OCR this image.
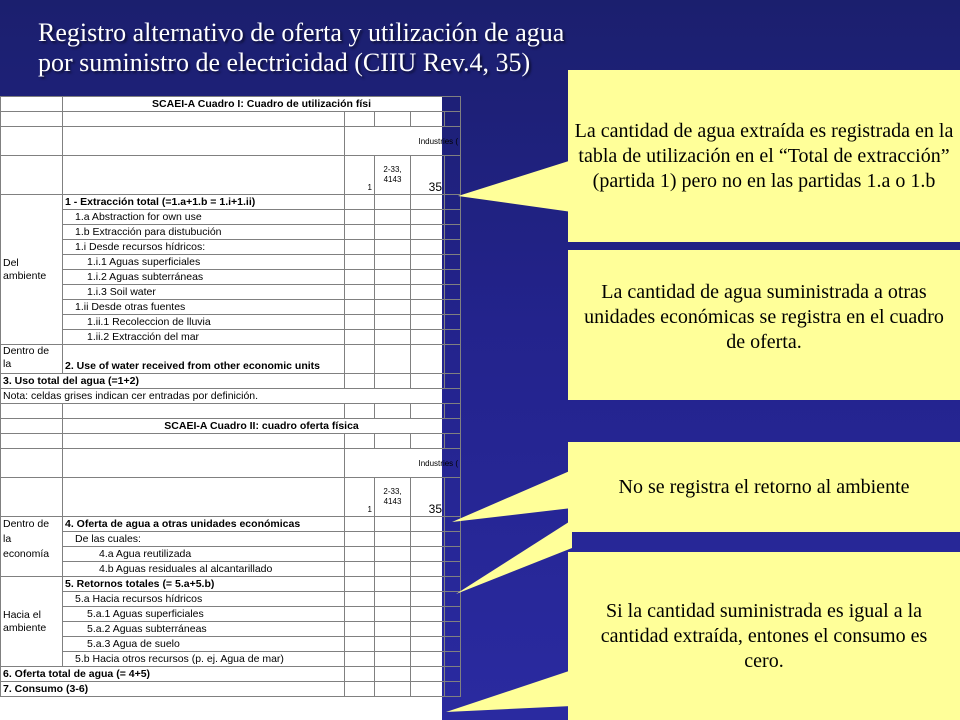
Registro alternativo de oferta y utilización de agua
por suministro de electricidad (CIIU Rev.4, 35)
	SCAEI-A Cuadro I: Cuadro de utilización físi				

		Industries (			
		1	2-33, 4143	35	
Del ambiente	1 - Extracción total (=1.a+1.b = 1.i+1.ii)				
	1.a Abstraction for own use				
	1.b Extracción para distubución				
	1.i Desde recursos hídricos:				
	1.i.1 Aguas superficiales				
	1.i.2 Aguas subterráneas				
	1.i.3 Soil water				
	1.ii Desde otras fuentes				
	1.ii.1 Recoleccion de lluvia				
	1.ii.2 Extracción del mar				
Dentro de la	2. Use of water received from other economic units				
3. Uso total del agua (=1+2)					
Nota: celdas grises indican cer entradas por definición.					

	SCAEI-A Cuadro II: cuadro oferta física				

		Industries (			
		1	2-33, 4143	35	
Dentro de la economía	4. Oferta de agua a otras unidades económicas				
	De las cuales:				
	4.a Agua reutilizada				
	4.b Aguas residuales al alcantarillado				
Hacia el ambiente	5. Retornos totales (= 5.a+5.b)				
	5.a Hacia recursos hídricos				
	5.a.1 Aguas superficiales				
	5.a.2 Aguas subterráneas				
	5.a.3 Agua de suelo				
	5.b Hacia otros recursos (p. ej. Agua de mar)				
6. Oferta total de agua (= 4+5)					
7. Consumo (3-6)					
La cantidad de agua extraída es registrada en la tabla de utilización en el “Total de extracción” (partida 1) pero no en las partidas 1.a o 1.b
La cantidad de agua suministrada a otras unidades económicas se registra en el cuadro de oferta.
No se registra el retorno al ambiente
Si la cantidad suministrada es igual a la cantidad extraída, entones el consumo es cero.
